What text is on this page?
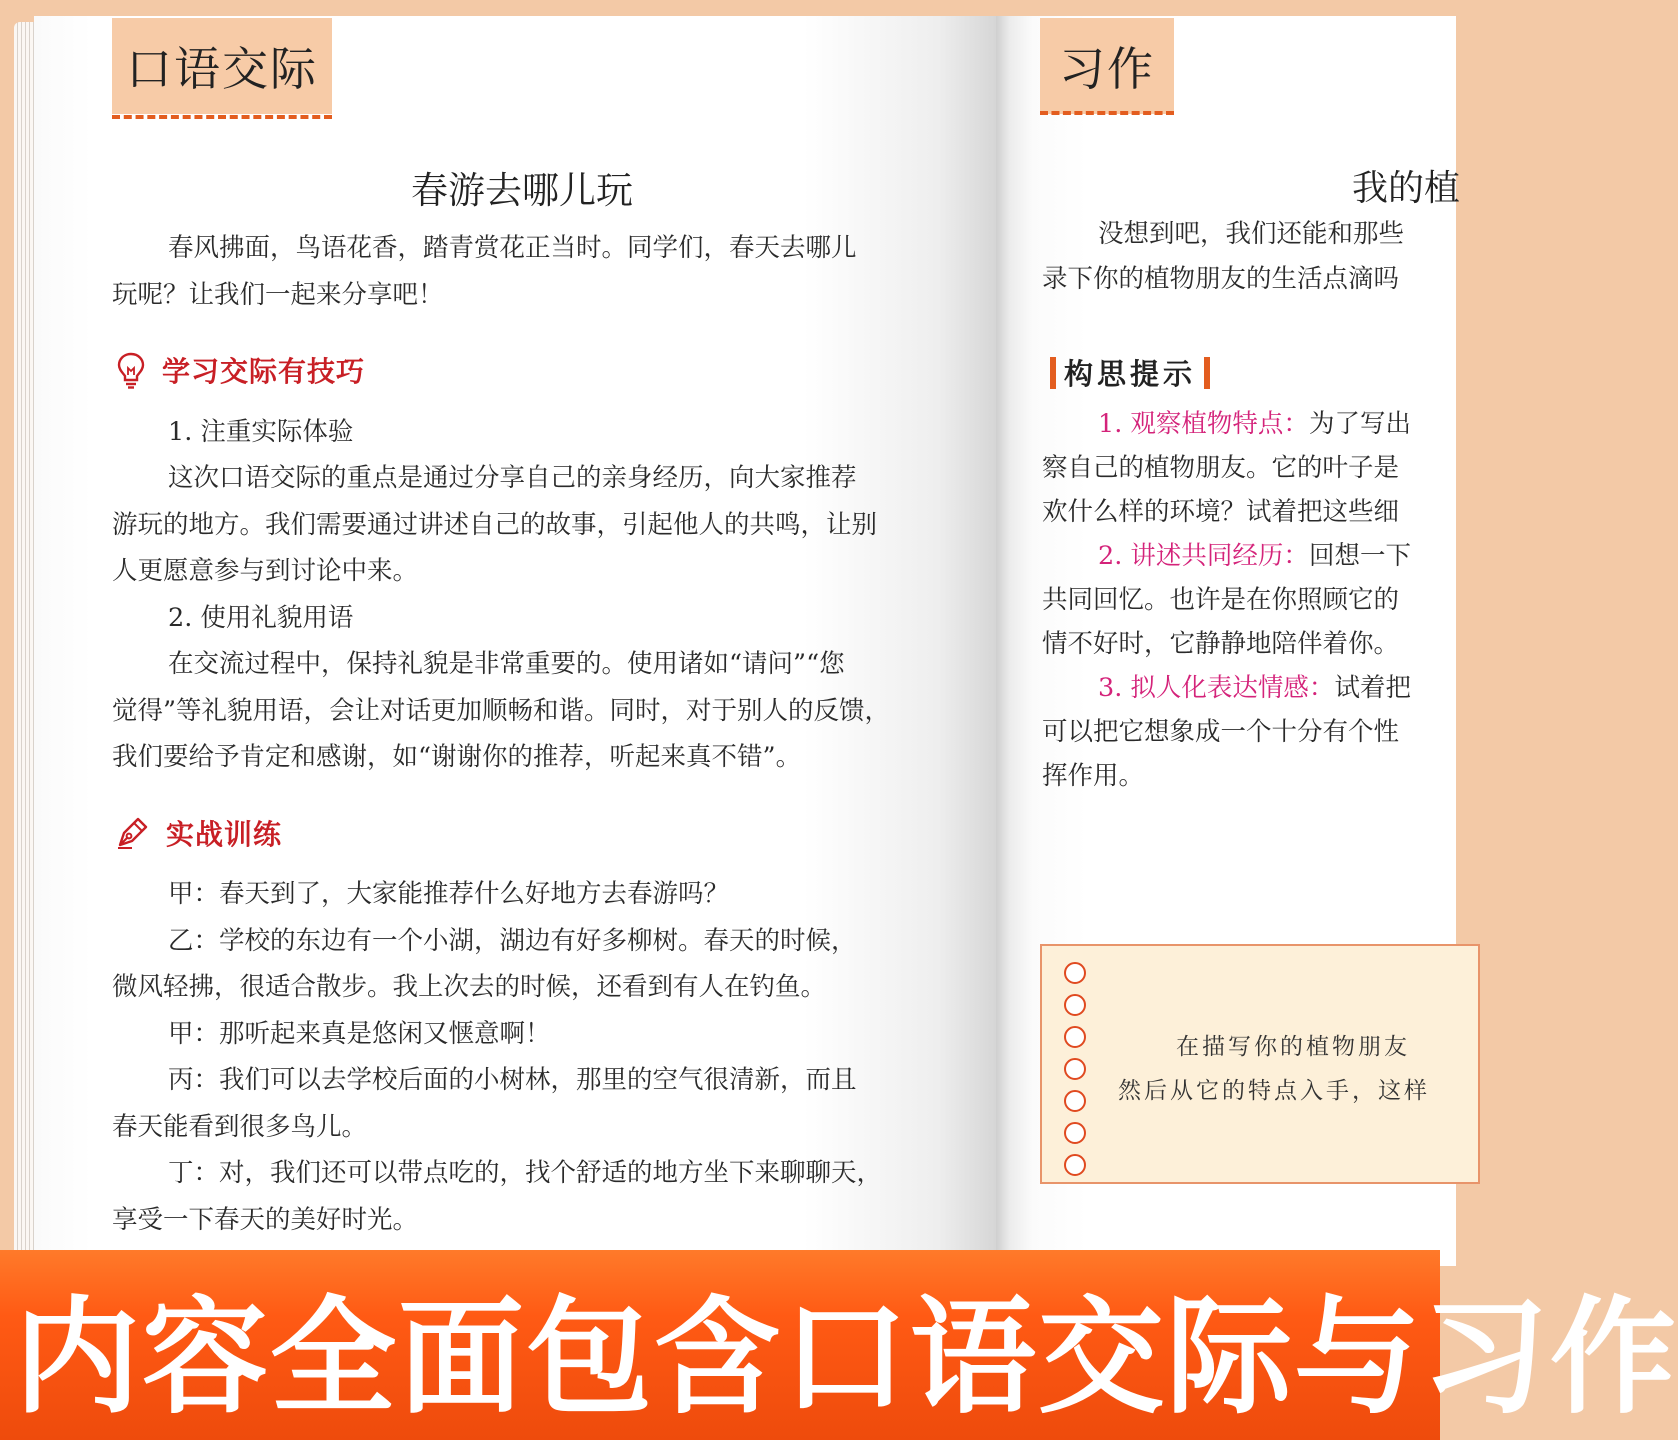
口语交际
春游去哪儿玩
春风拂面，鸟语花香，踏青赏花正当时。同学们，春天去哪儿
玩呢？让我们一起来分享吧！
学习交际有技巧
1. 注重实际体验
这次口语交际的重点是通过分享自己的亲身经历，向大家推荐
游玩的地方。我们需要通过讲述自己的故事，引起他人的共鸣，让别
人更愿意参与到讨论中来。
2. 使用礼貌用语
在交流过程中，保持礼貌是非常重要的。使用诸如“请问”“您
觉得”等礼貌用语，会让对话更加顺畅和谐。同时，对于别人的反馈，
我们要给予肯定和感谢，如“谢谢你的推荐，听起来真不错”。
实战训练
甲：春天到了，大家能推荐什么好地方去春游吗？
乙：学校的东边有一个小湖，湖边有好多柳树。春天的时候，
微风轻拂，很适合散步。我上次去的时候，还看到有人在钓鱼。
甲：那听起来真是悠闲又惬意啊！
丙：我们可以去学校后面的小树林，那里的空气很清新，而且
春天能看到很多鸟儿。
丁：对，我们还可以带点吃的，找个舒适的地方坐下来聊聊天，
享受一下春天的美好时光。
习作
我的植
没想到吧，我们还能和那些
录下你的植物朋友的生活点滴吗
1. 观察植物特点：为了写出
察自己的植物朋友。它的叶子是
欢什么样的环境？试着把这些细
2. 讲述共同经历：回想一下
共同回忆。也许是在你照顾它的
情不好时，它静静地陪伴着你。
3. 拟人化表达情感：试着把
可以把它想象成一个十分有个性
挥作用。
构思提示
在描写你的植物朋友
然后从它的特点入手，这样
内容全面 包含口语交际与习作
